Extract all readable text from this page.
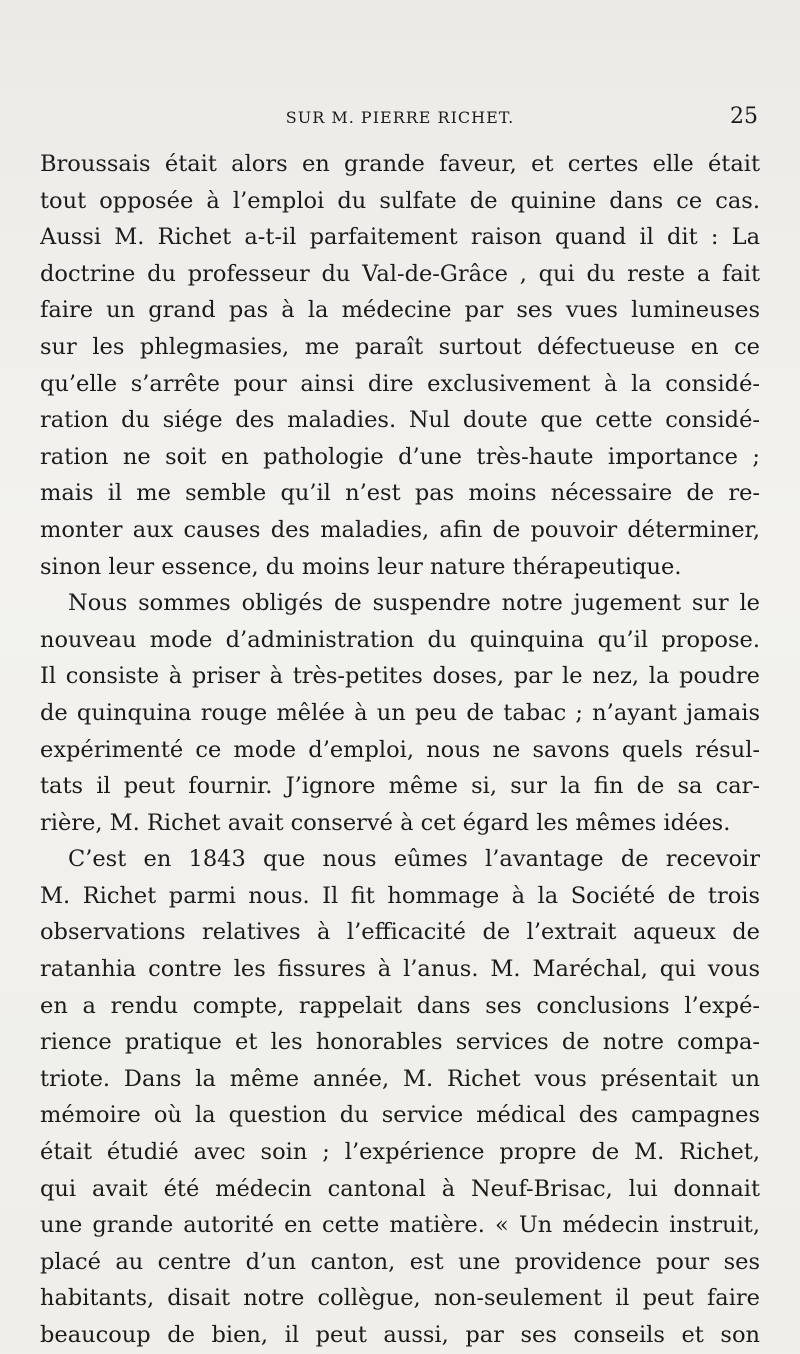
SUR M. PIERRE RICHET.	25
Broussais était alors en grande faveur, et certes elle était
tout opposée à l’emploi du sulfate de quinine dans ce cas.
Aussi M. Richet a-t-il parfaitement raison quand il dit : La
doctrine du professeur du Val-de-Grâce , qui du reste a fait
faire un grand pas à la médecine par ses vues lumineuses
sur les phlegmasies, me paraît surtout défectueuse en ce
qu’elle s’arrête pour ainsi dire exclusivement à la considé-
ration du siége des maladies. Nul doute que cette considé-
ration ne soit en pathologie d’une très-haute importance ;
mais il me semble qu’il n’est pas moins nécessaire de re-
monter aux causes des maladies, afin de pouvoir déterminer,
sinon leur essence, du moins leur nature thérapeutique.
Nous sommes obligés de suspendre notre jugement sur le
nouveau mode d’administration du quinquina qu’il propose.
Il consiste à priser à très-petites doses, par le nez, la poudre
de quinquina rouge mêlée à un peu de tabac ; n’ayant jamais
expérimenté ce mode d’emploi, nous ne savons quels résul-
tats il peut fournir. J’ignore même si, sur la fin de sa car-
rière, M. Richet avait conservé à cet égard les mêmes idées.
C’est en 1843 que nous eûmes l’avantage de recevoir
M. Richet parmi nous. Il fit hommage à la Société de trois
observations relatives à l’efficacité de l’extrait aqueux de
ratanhia contre les fissures à l’anus. M. Maréchal, qui vous
en a rendu compte, rappelait dans ses conclusions l’expé-
rience pratique et les honorables services de notre compa-
triote. Dans la même année, M. Richet vous présentait un
mémoire où la question du service médical des campagnes
était étudié avec soin ; l’expérience propre de M. Richet,
qui avait été médecin cantonal à Neuf-Brisac, lui donnait
une grande autorité en cette matière. « Un médecin instruit,
placé au centre d’un canton, est une providence pour ses
habitants, disait notre collègue, non-seulement il peut faire
beaucoup de bien, il peut aussi, par ses conseils et son
